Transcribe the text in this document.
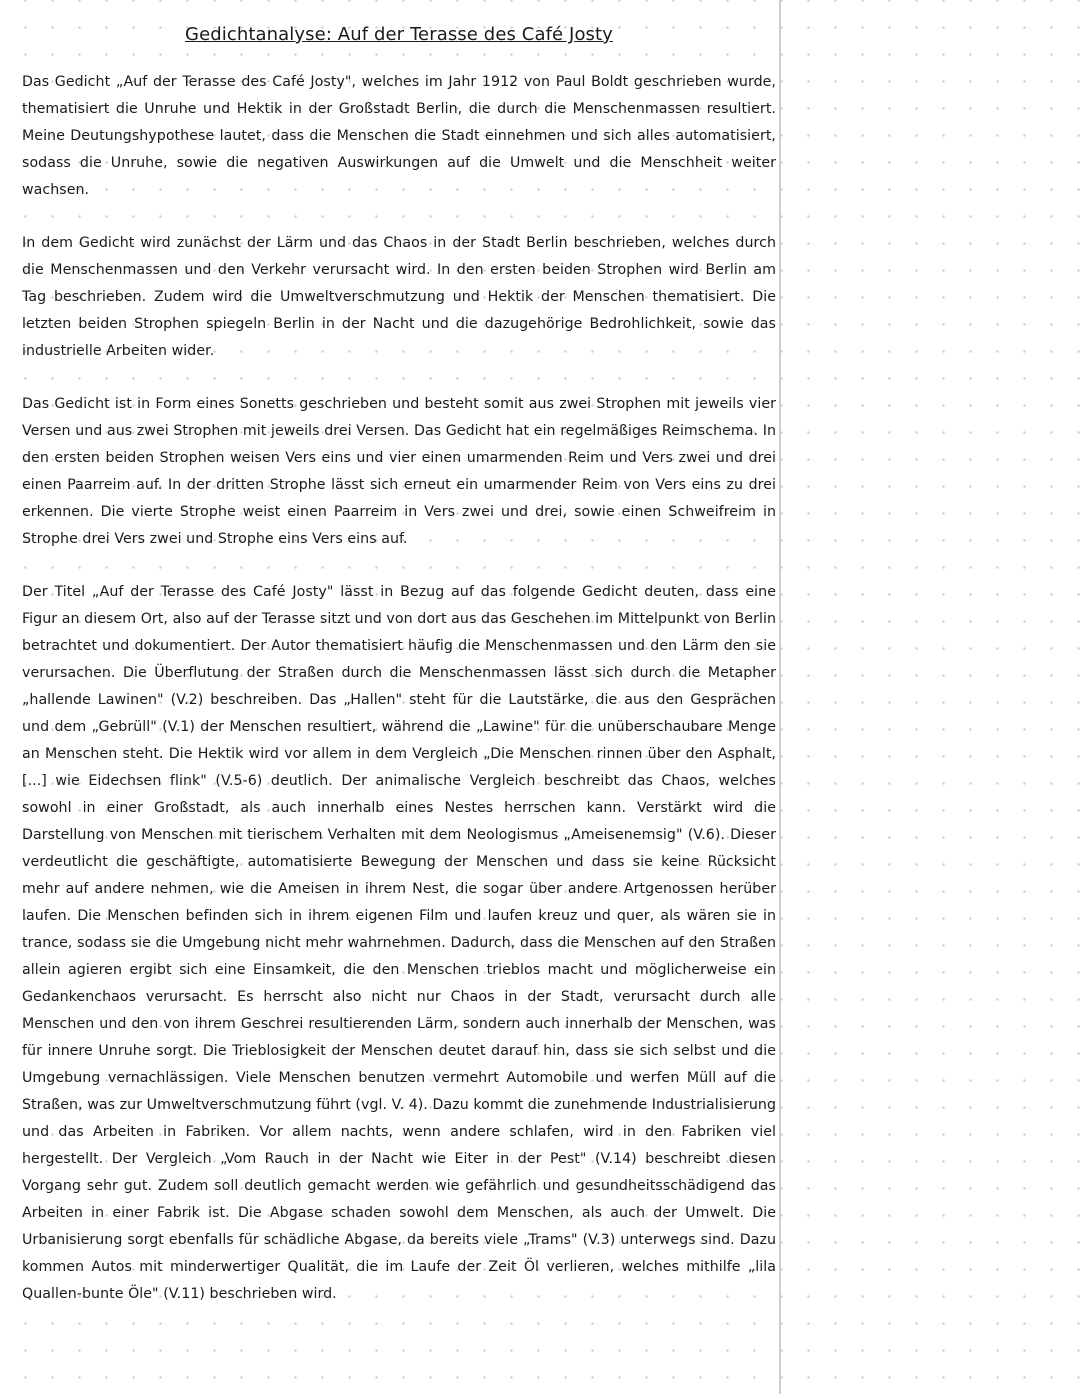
Gedichtanalyse: Auf der Terasse des Café Josty

Das Gedicht „Auf der Terasse des Café Josty", welches im Jahr 1912 von Paul Boldt geschrieben wurde, thematisiert die Unruhe und Hektik in der Großstadt Berlin, die durch die Menschenmassen resultiert. Meine Deutungshypothese lautet, dass die Menschen die Stadt einnehmen und sich alles automatisiert, sodass die Unruhe, sowie die negativen Auswirkungen auf die Umwelt und die Menschheit weiter wachsen.

In dem Gedicht wird zunächst der Lärm und das Chaos in der Stadt Berlin beschrieben, welches durch die Menschenmassen und den Verkehr verursacht wird. In den ersten beiden Strophen wird Berlin am Tag beschrieben. Zudem wird die Umweltverschmutzung und Hektik der Menschen thematisiert. Die letzten beiden Strophen spiegeln Berlin in der Nacht und die dazugehörige Bedrohlichkeit, sowie das industrielle Arbeiten wider.

Das Gedicht ist in Form eines Sonetts geschrieben und besteht somit aus zwei Strophen mit jeweils vier Versen und aus zwei Strophen mit jeweils drei Versen. Das Gedicht hat ein regelmäßiges Reimschema. In den ersten beiden Strophen weisen Vers eins und vier einen umarmenden Reim und Vers zwei und drei einen Paarreim auf. In der dritten Strophe lässt sich erneut ein umarmender Reim von Vers eins zu drei erkennen. Die vierte Strophe weist einen Paarreim in Vers zwei und drei, sowie einen Schweifreim in Strophe drei Vers zwei und Strophe eins Vers eins auf.

Der Titel „Auf der Terasse des Café Josty" lässt in Bezug auf das folgende Gedicht deuten, dass eine Figur an diesem Ort, also auf der Terasse sitzt und von dort aus das Geschehen im Mittelpunkt von Berlin betrachtet und dokumentiert. Der Autor thematisiert häufig die Menschenmassen und den Lärm den sie verursachen. Die Überflutung der Straßen durch die Menschenmassen lässt sich durch die Metapher „hallende Lawinen" (V.2) beschreiben. Das „Hallen" steht für die Lautstärke, die aus den Gesprächen und dem „Gebrüll" (V.1) der Menschen resultiert, während die „Lawine" für die unüberschaubare Menge an Menschen steht. Die Hektik wird vor allem in dem Vergleich „Die Menschen rinnen über den Asphalt, [...] wie Eidechsen flink" (V.5-6) deutlich. Der animalische Vergleich beschreibt das Chaos, welches sowohl in einer Großstadt, als auch innerhalb eines Nestes herrschen kann. Verstärkt wird die Darstellung von Menschen mit tierischem Verhalten mit dem Neologismus „Ameisenemsig" (V.6). Dieser verdeutlicht die geschäftigte, automatisierte Bewegung der Menschen und dass sie keine Rücksicht mehr auf andere nehmen, wie die Ameisen in ihrem Nest, die sogar über andere Artgenossen herüber laufen. Die Menschen befinden sich in ihrem eigenen Film und laufen kreuz und quer, als wären sie in trance, sodass sie die Umgebung nicht mehr wahrnehmen. Dadurch, dass die Menschen auf den Straßen allein agieren ergibt sich eine Einsamkeit, die den Menschen trieblos macht und möglicherweise ein Gedankenchaos verursacht. Es herrscht also nicht nur Chaos in der Stadt, verursacht durch alle Menschen und den von ihrem Geschrei resultierenden Lärm, sondern auch innerhalb der Menschen, was für innere Unruhe sorgt. Die Trieblosigkeit der Menschen deutet darauf hin, dass sie sich selbst und die Umgebung vernachlässigen. Viele Menschen benutzen vermehrt Automobile und werfen Müll auf die Straßen, was zur Umweltverschmutzung führt (vgl. V. 4). Dazu kommt die zunehmende Industrialisierung und das Arbeiten in Fabriken. Vor allem nachts, wenn andere schlafen, wird in den Fabriken viel hergestellt. Der Vergleich „Vom Rauch in der Nacht wie Eiter in der Pest" (V.14) beschreibt diesen Vorgang sehr gut. Zudem soll deutlich gemacht werden wie gefährlich und gesundheitsschädigend das Arbeiten in einer Fabrik ist. Die Abgase schaden sowohl dem Menschen, als auch der Umwelt. Die Urbanisierung sorgt ebenfalls für schädliche Abgase, da bereits viele „Trams" (V.3) unterwegs sind. Dazu kommen Autos mit minderwertiger Qualität, die im Laufe der Zeit Öl verlieren, welches mithilfe „lila Quallen-bunte Öle" (V.11) beschrieben wird.
